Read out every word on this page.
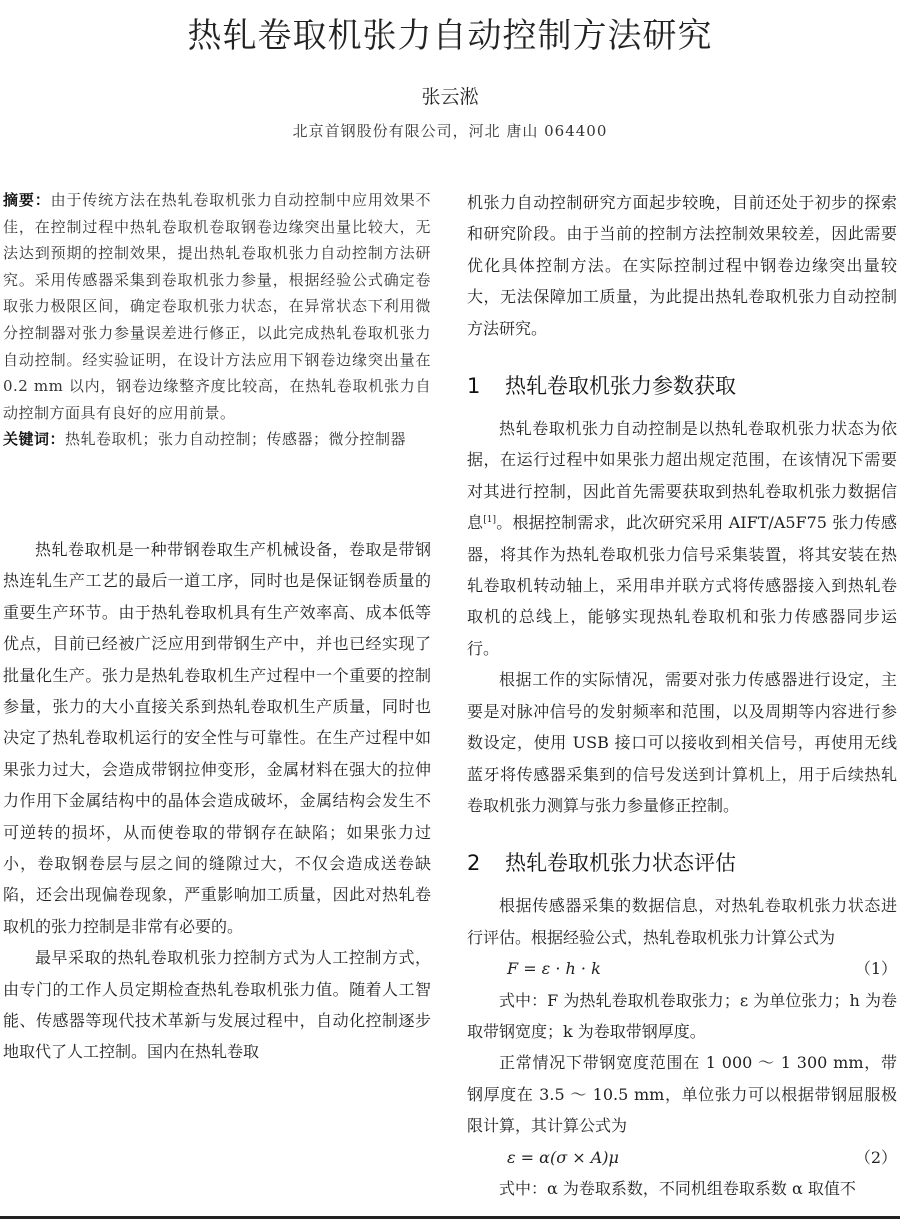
热轧卷取机张力自动控制方法研究
张云淞
北京首钢股份有限公司，河北 唐山 064400
摘要：由于传统方法在热轧卷取机张力自动控制中应用效果不佳，在控制过程中热轧卷取机卷取钢卷边缘突出量比较大，无法达到预期的控制效果，提出热轧卷取机张力自动控制方法研究。采用传感器采集到卷取机张力参量，根据经验公式确定卷取张力极限区间，确定卷取机张力状态，在异常状态下利用微分控制器对张力参量误差进行修正，以此完成热轧卷取机张力自动控制。经实验证明，在设计方法应用下钢卷边缘突出量在 0.2 mm 以内，钢卷边缘整齐度比较高，在热轧卷取机张力自动控制方面具有良好的应用前景。
关键词：热轧卷取机；张力自动控制；传感器；微分控制器

热轧卷取机是一种带钢卷取生产机械设备，卷取是带钢热连轧生产工艺的最后一道工序，同时也是保证钢卷质量的重要生产环节。由于热轧卷取机具有生产效率高、成本低等优点，目前已经被广泛应用到带钢生产中，并也已经实现了批量化生产。张力是热轧卷取机生产过程中一个重要的控制参量，张力的大小直接关系到热轧卷取机生产质量，同时也决定了热轧卷取机运行的安全性与可靠性。在生产过程中如果张力过大，会造成带钢拉伸变形，金属材料在强大的拉伸力作用下金属结构中的晶体会造成破坏，金属结构会发生不可逆转的损坏，从而使卷取的带钢存在缺陷；如果张力过小，卷取钢卷层与层之间的缝隙过大，不仅会造成送卷缺陷，还会出现偏卷现象，严重影响加工质量，因此对热轧卷取机的张力控制是非常有必要的。

最早采取的热轧卷取机张力控制方式为人工控制方式，由专门的工作人员定期检查热轧卷取机张力值。随着人工智能、传感器等现代技术革新与发展过程中，自动化控制逐步地取代了人工控制。国内在热轧卷取

机张力自动控制研究方面起步较晚，目前还处于初步的探索和研究阶段。由于当前的控制方法控制效果较差，因此需要优化具体控制方法。在实际控制过程中钢卷边缘突出量较大，无法保障加工质量，为此提出热轧卷取机张力自动控制方法研究。

1 热轧卷取机张力参数获取

热轧卷取机张力自动控制是以热轧卷取机张力状态为依据，在运行过程中如果张力超出规定范围，在该情况下需要对其进行控制，因此首先需要获取到热轧卷取机张力数据信息[1]。根据控制需求，此次研究采用 AIFT/A5F75 张力传感器，将其作为热轧卷取机张力信号采集装置，将其安装在热轧卷取机转动轴上，采用串并联方式将传感器接入到热轧卷取机的总线上，能够实现热轧卷取机和张力传感器同步运行。

根据工作的实际情况，需要对张力传感器进行设定，主要是对脉冲信号的发射频率和范围，以及周期等内容进行参数设定，使用 USB 接口可以接收到相关信号，再使用无线蓝牙将传感器采集到的信号发送到计算机上，用于后续热轧卷取机张力测算与张力参量修正控制。

2 热轧卷取机张力状态评估

根据传感器采集的数据信息，对热轧卷取机张力状态进行评估。根据经验公式，热轧卷取机张力计算公式为

F = ε · h · k	（1）

式中：F 为热轧卷取机卷取张力；ε 为单位张力；h 为卷取带钢宽度；k 为卷取带钢厚度。

正常情况下带钢宽度范围在 1 000 ～ 1 300 mm，带钢厚度在 3.5 ～ 10.5 mm，单位张力可以根据带钢屈服极限计算，其计算公式为

ε = α(σ × A)μ	（2）

式中：α 为卷取系数，不同机组卷取系数 α 取值不
